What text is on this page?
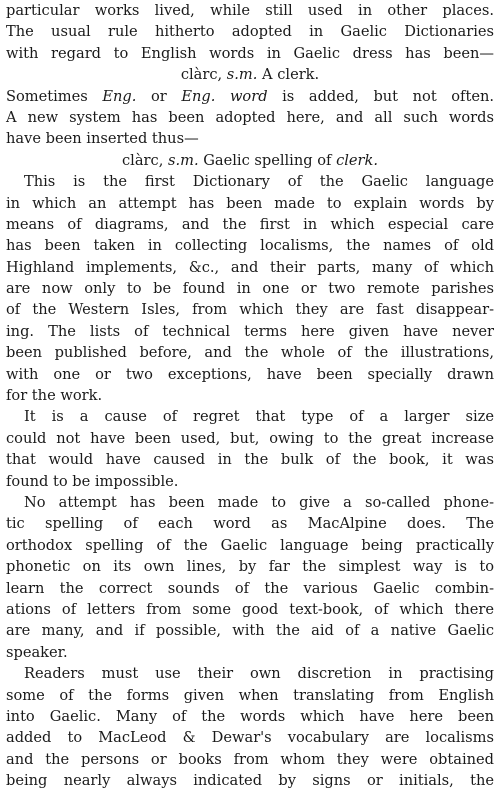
particular works lived, while still used in other places.
The usual rule hitherto adopted in Gaelic Dictionaries
with regard to English words in Gaelic dress has been—
clàrc, s.m. A clerk.
Sometimes Eng. or Eng. word is added, but not often.
A new system has been adopted here, and all such words
have been inserted thus—
clàrc, s.m. Gaelic spelling of clerk.
This is the first Dictionary of the Gaelic language
in which an attempt has been made to explain words by
means of diagrams, and the first in which especial care
has been taken in collecting localisms, the names of old
Highland implements, &c., and their parts, many of which
are now only to be found in one or two remote parishes
of the Western Isles, from which they are fast disappear-
ing. The lists of technical terms here given have never
been published before, and the whole of the illustrations,
with one or two exceptions, have been specially drawn
for the work.
It is a cause of regret that type of a larger size
could not have been used, but, owing to the great increase
that would have caused in the bulk of the book, it was
found to be impossible.
No attempt has been made to give a so-called phone-
tic spelling of each word as MacAlpine does. The
orthodox spelling of the Gaelic language being practically
phonetic on its own lines, by far the simplest way is to
learn the correct sounds of the various Gaelic combin-
ations of letters from some good text-book, of which there
are many, and if possible, with the aid of a native Gaelic
speaker.
Readers must use their own discretion in practising
some of the forms given when translating from English
into Gaelic. Many of the words which have here been
added to MacLeod & Dewar's vocabulary are localisms
and the persons or books from whom they were obtained
being nearly always indicated by signs or initials, the
